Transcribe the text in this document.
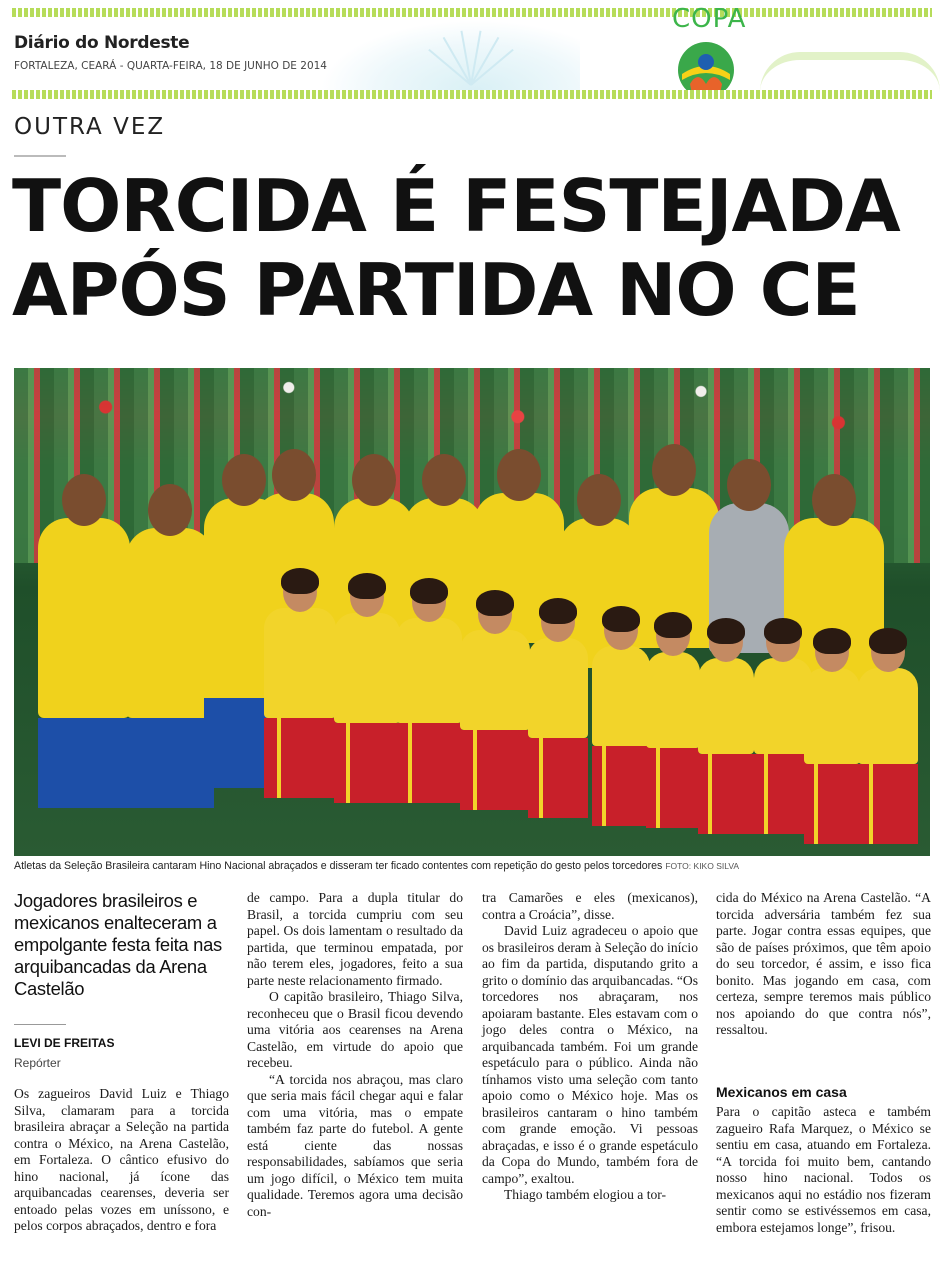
Diário do Nordeste
FORTALEZA, CEARÁ - QUARTA-FEIRA, 18 DE JUNHO DE 2014
COPA
OUTRA VEZ
TORCIDA É FESTEJADA
APÓS PARTIDA NO CE
Atletas da Seleção Brasileira cantaram Hino Nacional abraçados e disseram ter ficado contentes com repetição do gesto pelos torcedores FOTO: KIKO SILVA
Jogadores brasileiros e mexicanos enalteceram a empolgante festa feita nas arquibancadas da Arena Castelão
LEVI DE FREITAS
Repórter

Os zagueiros David Luiz e Thiago Silva, clamaram para a torcida brasileira abraçar a Seleção na partida contra o México, na Arena Castelão, em Fortaleza. O cântico efusivo do hino nacional, já ícone das arquibancadas cearenses, deveria ser entoado pelas vozes em uníssono, e pelos corpos abraçados, dentro e fora

de campo. Para a dupla titular do Brasil, a torcida cumpriu com seu papel. Os dois lamentam o resultado da partida, que terminou empatada, por não terem eles, jogadores, feito a sua parte neste relacionamento firmado.

O capitão brasileiro, Thiago Silva, reconheceu que o Brasil ficou devendo uma vitória aos cearenses na Arena Castelão, em virtude do apoio que recebeu.

“A torcida nos abraçou, mas claro que seria mais fácil chegar aqui e falar com uma vitória, mas o empate também faz parte do futebol. A gente está ciente das nossas responsabilidades, sabíamos que seria um jogo difícil, o México tem muita qualidade. Teremos agora uma decisão con-

tra Camarões e eles (mexicanos), contra a Croácia”, disse.

David Luiz agradeceu o apoio que os brasileiros deram à Seleção do início ao fim da partida, disputando grito a grito o domínio das arquibancadas. “Os torcedores nos abraçaram, nos apoiaram bastante. Eles estavam com o jogo deles contra o México, na arquibancada também. Foi um grande espetáculo para o público. Ainda não tínhamos visto uma seleção com tanto apoio como o México hoje. Mas os brasileiros cantaram o hino também com grande emoção. Vi pessoas abraçadas, e isso é o grande espetáculo da Copa do Mundo, também fora de campo”, exaltou.

Thiago também elogiou a tor-

cida do México na Arena Castelão. “A torcida adversária também fez sua parte. Jogar contra essas equipes, que são de países próximos, que têm apoio do seu torcedor, é assim, e isso fica bonito. Mas jogando em casa, com certeza, sempre teremos mais público nos apoiando do que contra nós”, ressaltou.

Mexicanos em casa

Para o capitão asteca e também zagueiro Rafa Marquez, o México se sentiu em casa, atuando em Fortaleza. “A torcida foi muito bem, cantando nosso hino nacional. Todos os mexicanos aqui no estádio nos fizeram sentir como se estivéssemos em casa, embora estejamos longe”, frisou.
